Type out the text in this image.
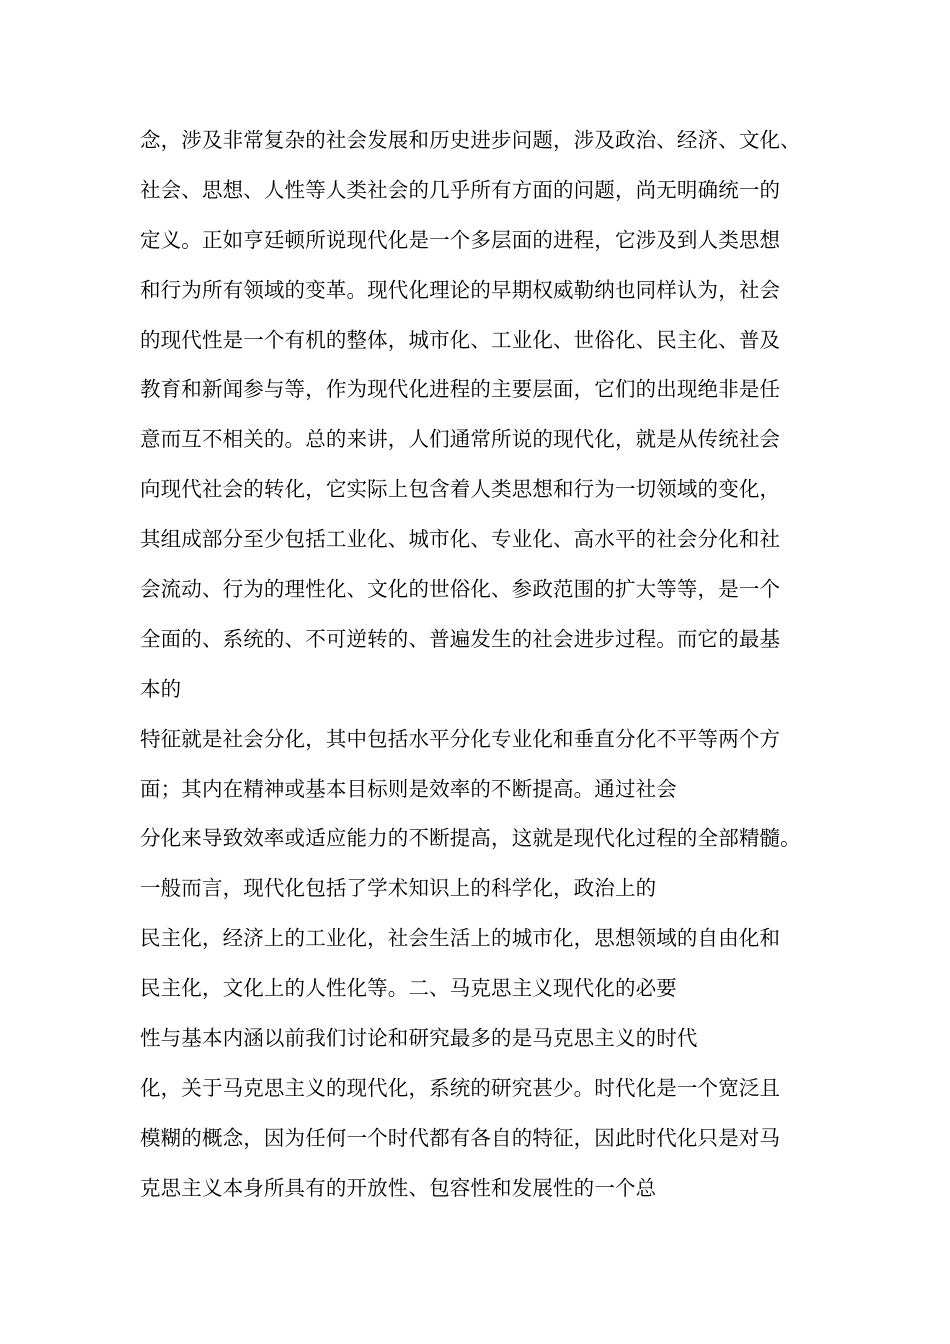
念，涉及非常复杂的社会发展和历史进步问题，涉及政治、经济、文化、
社会、思想、人性等人类社会的几乎所有方面的问题，尚无明确统一的
定义。正如亨廷顿所说现代化是一个多层面的进程，它涉及到人类思想
和行为所有领域的变革。现代化理论的早期权威勒纳也同样认为，社会
的现代性是一个有机的整体，城市化、工业化、世俗化、民主化、普及
教育和新闻参与等，作为现代化进程的主要层面，它们的出现绝非是任
意而互不相关的。总的来讲，人们通常所说的现代化，就是从传统社会
向现代社会的转化，它实际上包含着人类思想和行为一切领域的变化，
其组成部分至少包括工业化、城市化、专业化、高水平的社会分化和社
会流动、行为的理性化、文化的世俗化、参政范围的扩大等等，是一个
全面的、系统的、不可逆转的、普遍发生的社会进步过程。而它的最基
本的
特征就是社会分化，其中包括水平分化专业化和垂直分化不平等两个方
面；其内在精神或基本目标则是效率的不断提高。通过社会
分化来导致效率或适应能力的不断提高，这就是现代化过程的全部精髓。
一般而言，现代化包括了学术知识上的科学化，政治上的
民主化，经济上的工业化，社会生活上的城市化，思想领域的自由化和
民主化，文化上的人性化等。二、马克思主义现代化的必要
性与基本内涵以前我们讨论和研究最多的是马克思主义的时代
化，关于马克思主义的现代化，系统的研究甚少。时代化是一个宽泛且
模糊的概念，因为任何一个时代都有各自的特征，因此时代化只是对马
克思主义本身所具有的开放性、包容性和发展性的一个总
